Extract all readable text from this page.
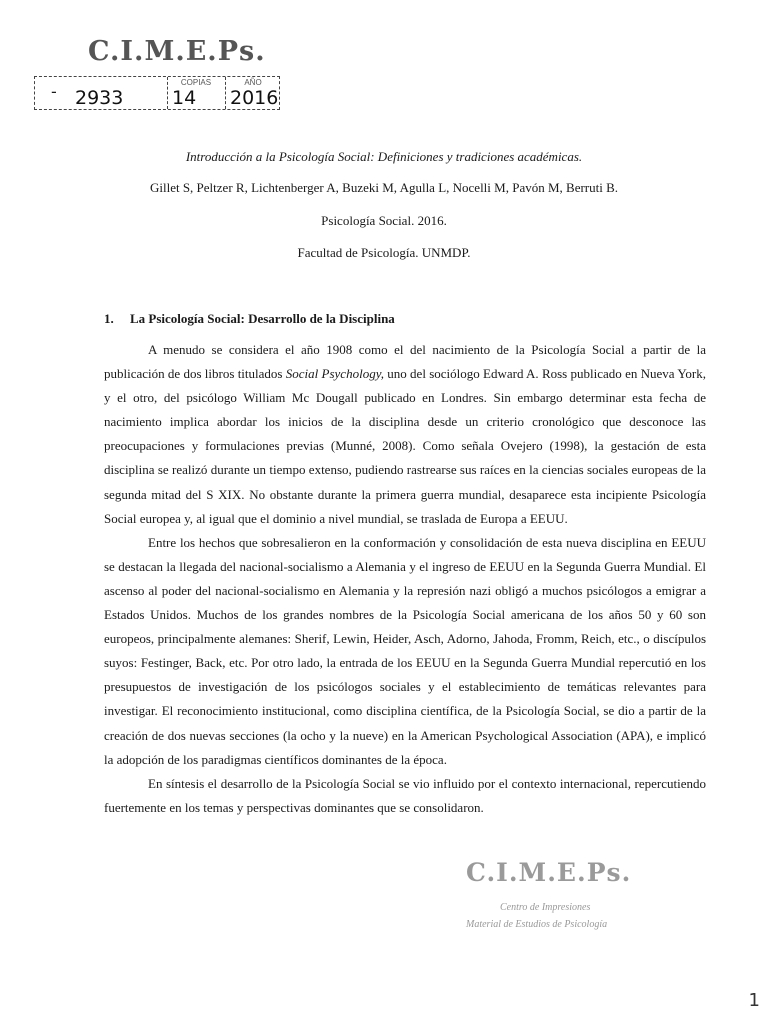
C.I.M.E.Ps.
- 2933
COPIAS
14
AÑO
2016
Introducción a la Psicología Social: Definiciones y tradiciones académicas.
Gillet S, Peltzer R, Lichtenberger A, Buzeki M, Agulla L, Nocelli M, Pavón M, Berruti B.
Psicología Social. 2016.
Facultad de Psicología. UNMDP.
1. La Psicología Social: Desarrollo de la Disciplina

A menudo se considera el año 1908 como el del nacimiento de la Psicología Social a partir de la publicación de dos libros titulados Social Psychology, uno del sociólogo Edward A. Ross publicado en Nueva York, y el otro, del psicólogo William Mc Dougall publicado en Londres. Sin embargo determinar esta fecha de nacimiento implica abordar los inicios de la disciplina desde un criterio cronológico que desconoce las preocupaciones y formulaciones previas (Munné, 2008). Como señala Ovejero (1998), la gestación de esta disciplina se realizó durante un tiempo extenso, pudiendo rastrearse sus raíces en la ciencias sociales europeas de la segunda mitad del S XIX. No obstante durante la primera guerra mundial, desaparece esta incipiente Psicología Social europea y, al igual que el dominio a nivel mundial, se traslada de Europa a EEUU.

Entre los hechos que sobresalieron en la conformación y consolidación de esta nueva disciplina en EEUU se destacan la llegada del nacional-socialismo a Alemania y el ingreso de EEUU en la Segunda Guerra Mundial. El ascenso al poder del nacional-socialismo en Alemania y la represión nazi obligó a muchos psicólogos a emigrar a Estados Unidos. Muchos de los grandes nombres de la Psicología Social americana de los años 50 y 60 son europeos, principalmente alemanes: Sherif, Lewin, Heider, Asch, Adorno, Jahoda, Fromm, Reich, etc., o discípulos suyos: Festinger, Back, etc. Por otro lado, la entrada de los EEUU en la Segunda Guerra Mundial repercutió en los presupuestos de investigación de los psicólogos sociales y el establecimiento de temáticas relevantes para investigar. El reconocimiento institucional, como disciplina científica, de la Psicología Social, se dio a partir de la creación de dos nuevas secciones (la ocho y la nueve) en la American Psychological Association (APA), e implicó la adopción de los paradigmas científicos dominantes de la época.

En síntesis el desarrollo de la Psicología Social se vio influido por el contexto internacional, repercutiendo fuertemente en los temas y perspectivas dominantes que se consolidaron.

C.I.M.E.Ps.
Centro de Impresiones
Material de Estudios de Psicología
1
